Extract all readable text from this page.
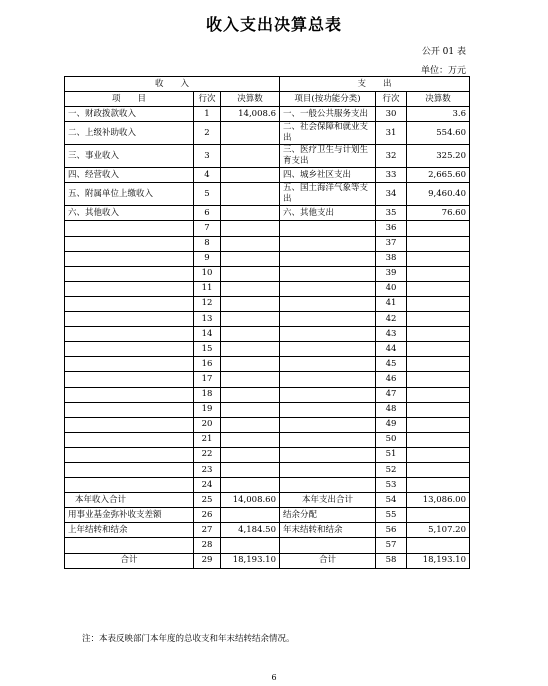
收入支出决算总表
公开 01 表
单位：万元
收　　入			支　　出		
项　　目	行次	决算数	项目(按功能分类)	行次	决算数
一、财政拨款收入	1	14,008.6	一、一般公共服务支出	30	3.6
二、上级补助收入	2		二、社会保障和就业支出	31	554.60
三、事业收入	3		三、医疗卫生与计划生育支出	32	325.20
四、经营收入	4		四、城乡社区支出	33	2,665.60
五、附属单位上缴收入	5		五、国土海洋气象等支出	34	9,460.40
六、其他收入	6		六、其他支出	35	76.60
	7			36	
	8			37	
	9			38	
	10			39	
	11			40	
	12			41	
	13			42	
	14			43	
	15			44	
	16			45	
	17			46	
	18			47	
	19			48	
	20			49	
	21			50	
	22			51	
	23			52	
	24			53	
本年收入合计	25	14,008.60	本年支出合计	54	13,086.00
用事业基金弥补收支差额	26		结余分配	55	
上年结转和结余	27	4,184.50	年末结转和结余	56	5,107.20
	28			57	
合计	29	18,193.10	合计	58	18,193.10
注：本表反映部门本年度的总收支和年末结转结余情况。
6
